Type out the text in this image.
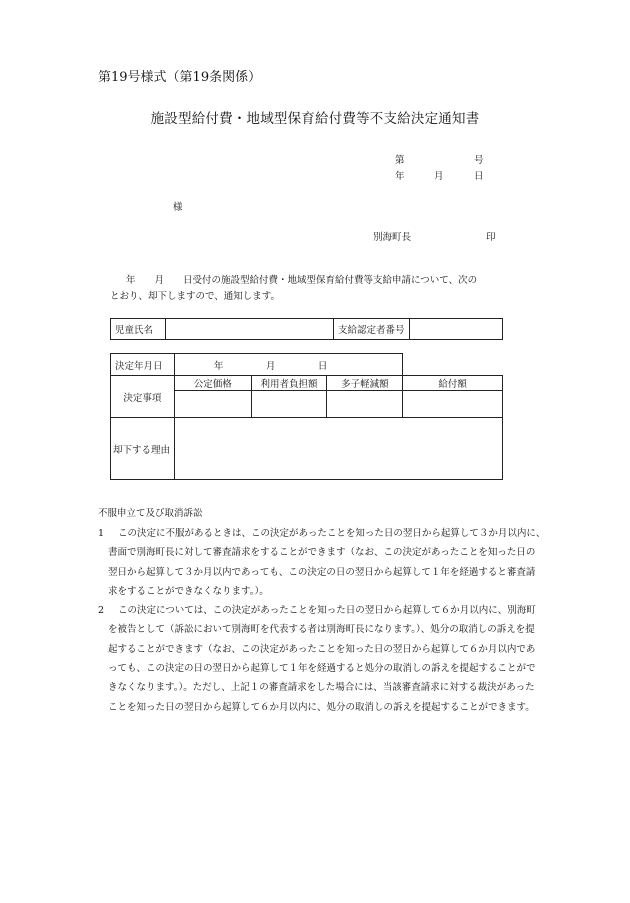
第19号様式（第19条関係）
施設型給付費・地域型保育給付費等不支給決定通知書
第	号
年	月	日
様
別海町長	印
年　　月　　日受付の施設型給付費・地域型保育給付費等支給申請について、次の
とおり、却下しますので、通知します。
児童氏名		支給認定者番号	
決定年月日	年 月 日			

決定事項	公定価格	利用者負担額	多子軽減額	給付額

却下する理由				
不服申立て及び取消訴訟
1 この決定に不服があるときは、この決定があったことを知った日の翌日から起算して３か月以内に、
書面で別海町長に対して審査請求をすることができます（なお、この決定があったことを知った日の
翌日から起算して３か月以内であっても、この決定の日の翌日から起算して１年を経過すると審査請
求をすることができなくなります。）。
2 この決定については、この決定があったことを知った日の翌日から起算して６か月以内に、別海町
を被告として（訴訟において別海町を代表する者は別海町長になります。）、処分の取消しの訴えを提
起することができます（なお、この決定があったことを知った日の翌日から起算して６か月以内であ
っても、この決定の日の翌日から起算して１年を経過すると処分の取消しの訴えを提起することがで
きなくなります。）。ただし、上記１の審査請求をした場合には、当該審査請求に対する裁決があった
ことを知った日の翌日から起算して６か月以内に、処分の取消しの訴えを提起することができます。
